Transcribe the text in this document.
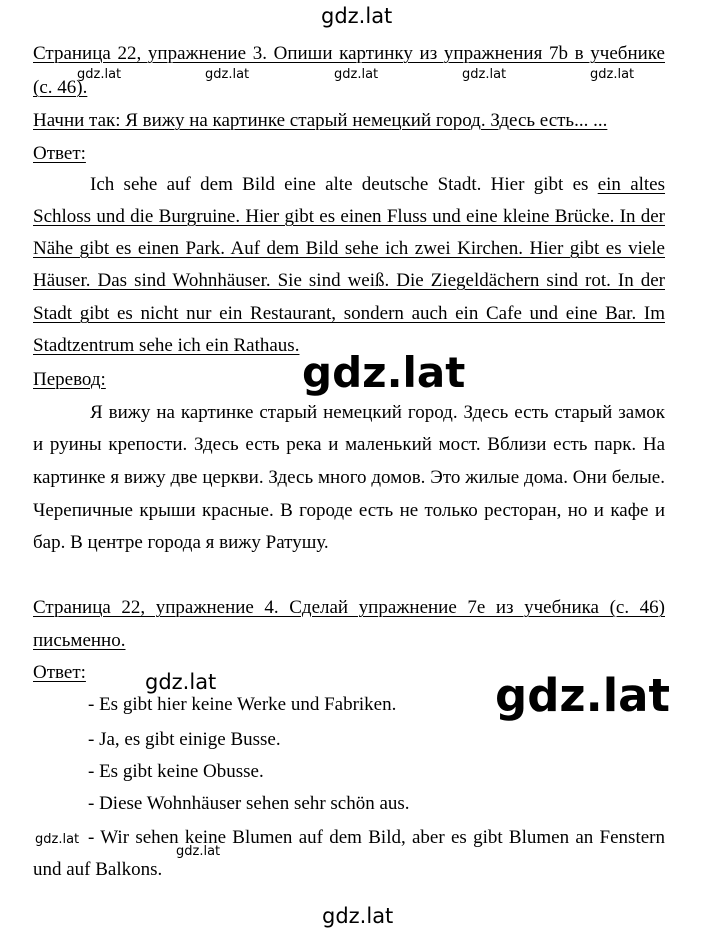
gdz.lat
gdz.lat	gdz.lat	gdz.lat	gdz.lat	gdz.lat
gdz.lat
gdz.lat	gdz.lat
gdz.lat
gdz.lat
gdz.lat
Страница 22, упражнение 3. Опиши картинку из упражнения 7b в учебнике
(с. 46).
Начни так: Я вижу на картинке старый немецкий город. Здесь есть... ...
Ответ:
Ich sehe auf dem Bild eine alte deutsche Stadt. Hier gibt es ein altes
Schloss und die Burgruine. Hier gibt es einen Fluss und eine kleine Brücke. In der
Nähe gibt es einen Park. Auf dem Bild sehe ich zwei Kirchen. Hier gibt es viele
Häuser. Das sind Wohnhäuser. Sie sind weiß. Die Ziegeldächern sind rot. In der
Stadt gibt es nicht nur ein Restaurant, sondern auch ein Cafe und eine Bar. Im
Stadtzentrum sehe ich ein Rathaus.
Перевод:
Я вижу на картинке старый немецкий город. Здесь есть старый замок
и руины крепости. Здесь есть река и маленький мост. Вблизи есть парк. На
картинке я вижу две церкви. Здесь много домов. Это жилые дома. Они белые.
Черепичные крыши красные. В городе есть не только ресторан, но и кафе и
бар. В центре города я вижу Ратушу.
Страница 22, упражнение 4. Сделай упражнение 7е из учебника (с. 46)
письменно.
Ответ:
- Es gibt hier keine Werke und Fabriken.
- Ja, es gibt einige Busse.
- Es gibt keine Obusse.
- Diese Wohnhäuser sehen sehr schön aus.
- Wir sehen keine Blumen auf dem Bild, aber es gibt Blumen an Fenstern
und auf Balkons.
